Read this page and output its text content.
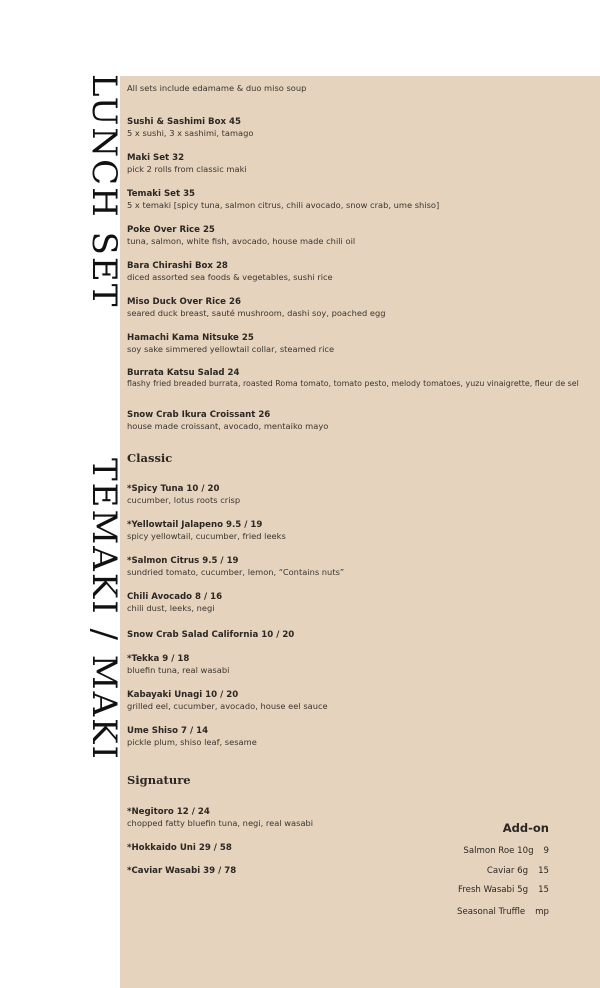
LUNCH SET
TEMAKI / MAKI
All sets include edamame & duo miso soup
Sushi & Sashimi Box 45
5 x sushi, 3 x sashimi, tamago
Maki Set 32
pick 2 rolls from classic maki
Temaki Set 35
5 x temaki [spicy tuna, salmon citrus, chili avocado, snow crab, ume shiso]
Poke Over Rice 25
tuna, salmon, white fish, avocado, house made chili oil
Bara Chirashi Box 28
diced assorted sea foods & vegetables, sushi rice
Miso Duck Over Rice 26
seared duck breast, sauté mushroom, dashi soy, poached egg
Hamachi Kama Nitsuke 25
soy sake simmered yellowtail collar, steamed rice
Burrata Katsu Salad 24
flashy fried breaded burrata, roasted Roma tomato, tomato pesto, melody tomatoes, yuzu vinaigrette, fleur de sel
Snow Crab Ikura Croissant 26
house made croissant, avocado, mentaiko mayo
Classic
*Spicy Tuna 10 / 20
cucumber, lotus roots crisp
*Yellowtail Jalapeno 9.5 / 19
spicy yellowtail, cucumber, fried leeks
*Salmon Citrus 9.5 / 19
sundried tomato, cucumber, lemon, “Contains nuts”
Chili Avocado 8 / 16
chili dust, leeks, negi
Snow Crab Salad California 10 / 20
*Tekka 9 / 18
bluefin tuna, real wasabi
Kabayaki Unagi 10 / 20
grilled eel, cucumber, avocado, house eel sauce
Ume Shiso 7 / 14
pickle plum, shiso leaf, sesame
Signature
*Negitoro 12 / 24
chopped fatty bluefin tuna, negi, real wasabi
*Hokkaido Uni 29 / 58
*Caviar Wasabi 39 / 78
Add-on
Salmon Roe 10g 9
Caviar 6g 15
Fresh Wasabi 5g 15
Seasonal Truffle mp
